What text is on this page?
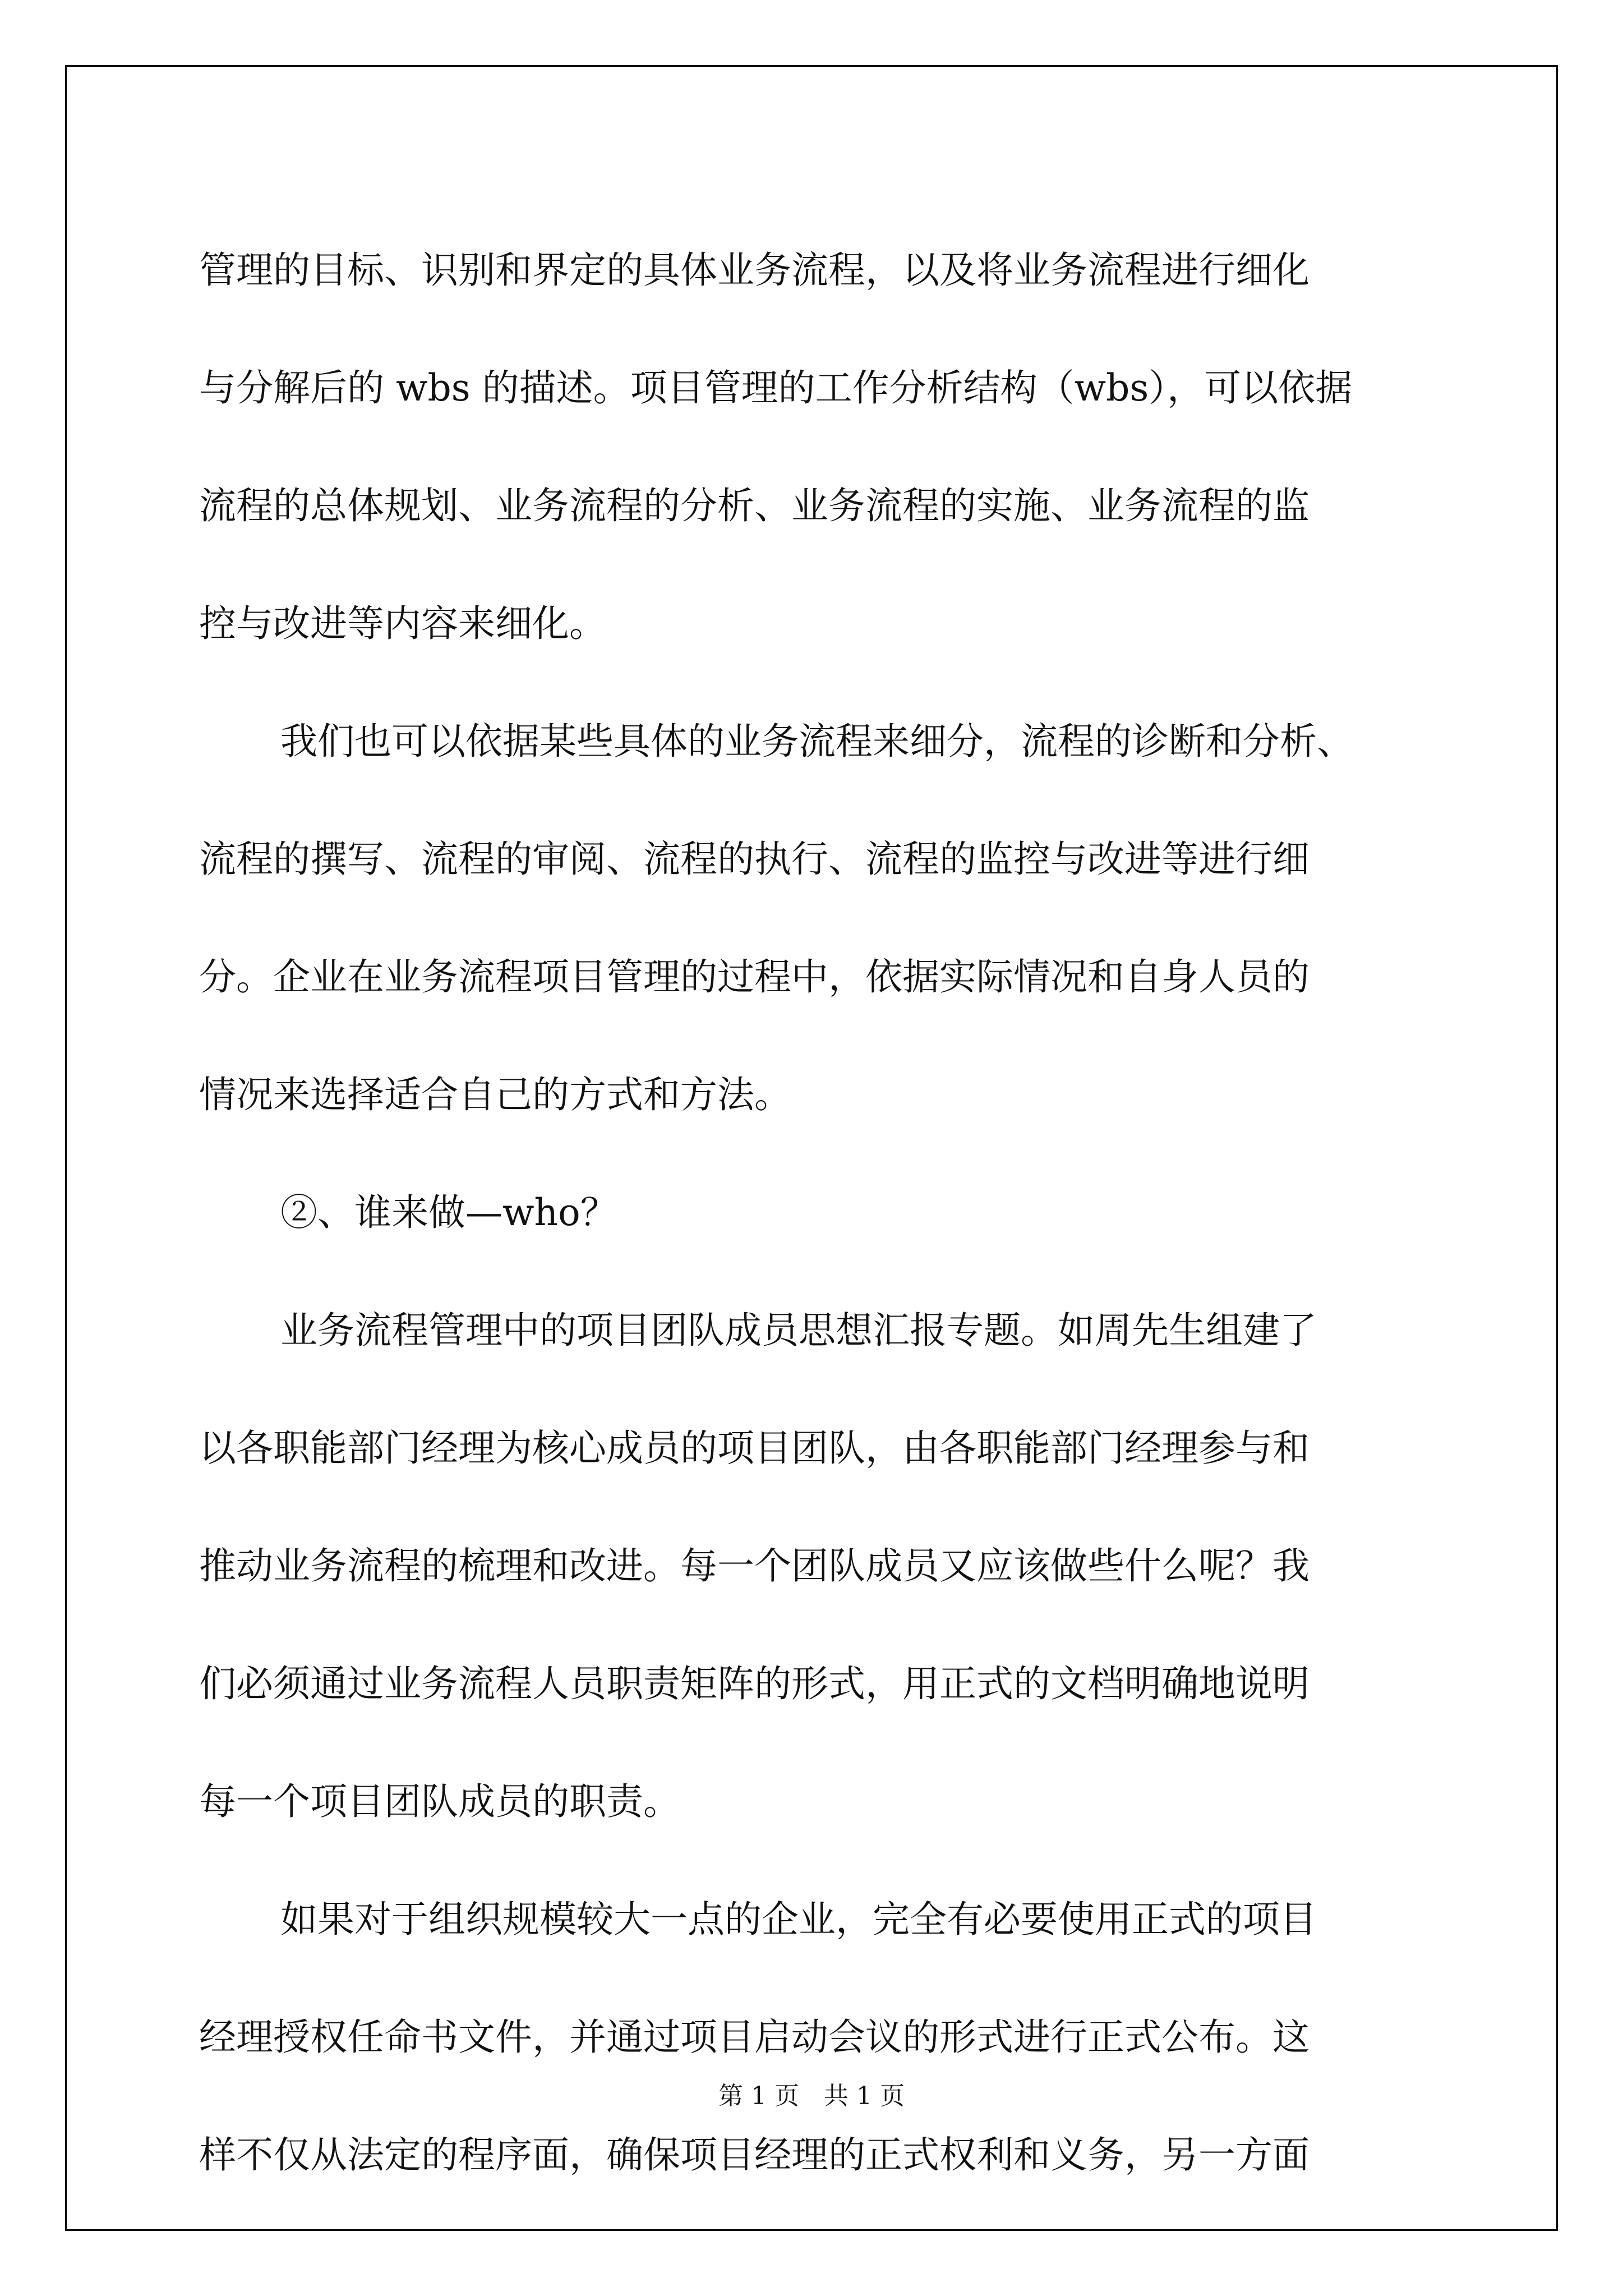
管理的目标、识别和界定的具体业务流程，以及将业务流程进行细化

与分解后的 wbs 的描述。项目管理的工作分析结构（wbs），可以依据

流程的总体规划、业务流程的分析、业务流程的实施、业务流程的监

控与改进等内容来细化。

我们也可以依据某些具体的业务流程来细分，流程的诊断和分析、

流程的撰写、流程的审阅、流程的执行、流程的监控与改进等进行细

分。企业在业务流程项目管理的过程中，依据实际情况和自身人员的

情况来选择适合自己的方式和方法。

②、谁来做—who？

业务流程管理中的项目团队成员思想汇报专题。如周先生组建了

以各职能部门经理为核心成员的项目团队，由各职能部门经理参与和

推动业务流程的梳理和改进。每一个团队成员又应该做些什么呢？我

们必须通过业务流程人员职责矩阵的形式，用正式的文档明确地说明

每一个项目团队成员的职责。

如果对于组织规模较大一点的企业，完全有必要使用正式的项目

经理授权任命书文件，并通过项目启动会议的形式进行正式公布。这

样不仅从法定的程序面，确保项目经理的正式权利和义务，另一方面

第 1 页　共 1 页
